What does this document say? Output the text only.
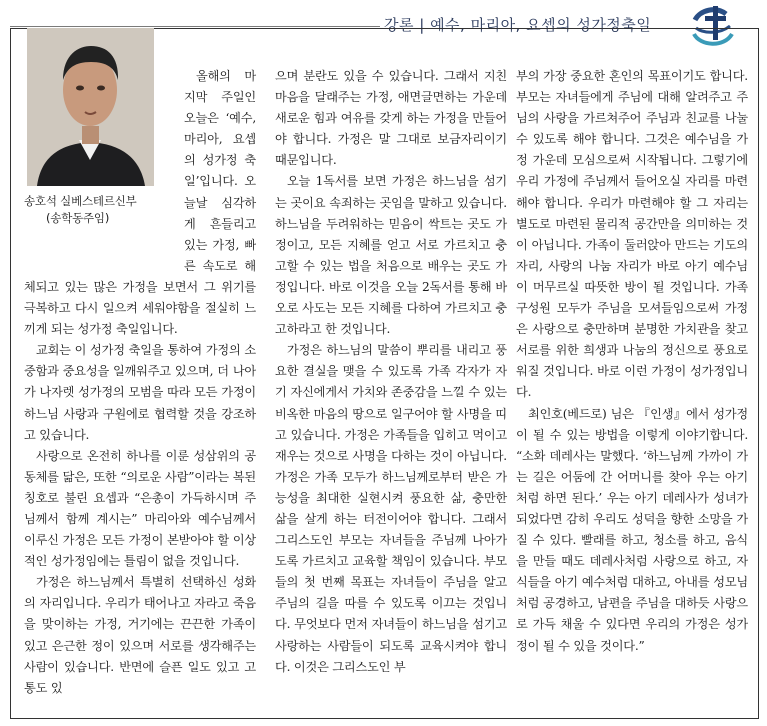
강론 | 예수, 마리아, 요셉의 성가정축일
송호석 실베스테르신부
(송학동주임)

올해의 마지막 주일인 오늘은 ‘예수, 마리아, 요셉의 성가정 축일’입니다. 오늘날 심각하게 흔들리고 있는 가정, 빠른 속도로 해체되고 있는 많은 가정을 보면서 그 위기를 극복하고 다시 일으켜 세워야함을 절실히 느끼게 되는 성가정 축일입니다.

교회는 이 성가정 축일을 통하여 가정의 소중함과 중요성을 일깨워주고 있으며, 더 나아가 나자렛 성가정의 모범을 따라 모든 가정이 하느님 사랑과 구원에로 협력할 것을 강조하고 있습니다.

사랑으로 온전히 하나를 이룬 성삼위의 공동체를 닮은, 또한 “의로운 사람”이라는 복된 칭호로 불린 요셉과 “은총이 가득하시며 주님께서 함께 계시는” 마리아와 예수님께서 이루신 가정은 모든 가정이 본받아야 할 이상적인 성가정임에는 틀림이 없을 것입니다.

가정은 하느님께서 특별히 선택하신 성화의 자리입니다. 우리가 태어나고 자라고 죽음을 맞이하는 가정, 거기에는 끈끈한 가족이 있고 은근한 정이 있으며 서로를 생각해주는 사람이 있습니다. 반면에 슬픈 일도 있고 고통도 있

으며 분란도 있을 수 있습니다. 그래서 지친 마음을 달래주는 가정, 애면글면하는 가운데 새로운 힘과 여유를 갖게 하는 가정을 만들어야 합니다. 가정은 말 그대로 보금자리이기 때문입니다.

오늘 1독서를 보면 가정은 하느님을 섬기는 곳이요 속죄하는 곳임을 말하고 있습니다. 하느님을 두려워하는 믿음이 싹트는 곳도 가정이고, 모든 지혜를 얻고 서로 가르치고 충고할 수 있는 법을 처음으로 배우는 곳도 가정입니다. 바로 이것을 오늘 2독서를 통해 바오로 사도는 모든 지혜를 다하여 가르치고 충고하라고 한 것입니다.

가정은 하느님의 말씀이 뿌리를 내리고 풍요한 결실을 맺을 수 있도록 가족 각자가 자기 자신에게서 가치와 존중감을 느낄 수 있는 비옥한 마음의 땅으로 일구어야 할 사명을 띠고 있습니다. 가정은 가족들을 입히고 먹이고 재우는 것으로 사명을 다하는 것이 아닙니다. 가정은 가족 모두가 하느님께로부터 받은 가능성을 최대한 실현시켜 풍요한 삶, 충만한 삶을 살게 하는 터전이어야 합니다. 그래서 그리스도인 부모는 자녀들을 주님께 나아가도록 가르치고 교육할 책임이 있습니다. 부모들의 첫 번째 목표는 자녀들이 주님을 알고 주님의 길을 따를 수 있도록 이끄는 것입니다. 무엇보다 먼저 자녀들이 하느님을 섬기고 사랑하는 사람들이 되도록 교육시켜야 합니다. 이것은 그리스도인 부

부의 가장 중요한 혼인의 목표이기도 합니다. 부모는 자녀들에게 주님에 대해 알려주고 주님의 사랑을 가르쳐주어 주님과 친교를 나눌 수 있도록 해야 합니다. 그것은 예수님을 가정 가운데 모심으로써 시작됩니다. 그렇기에 우리 가정에 주님께서 들어오실 자리를 마련해야 합니다. 우리가 마련해야 할 그 자리는 별도로 마련된 물리적 공간만을 의미하는 것이 아닙니다. 가족이 둘러앉아 만드는 기도의 자리, 사랑의 나눔 자리가 바로 아기 예수님이 머무르실 따뜻한 방이 될 것입니다. 가족 구성원 모두가 주님을 모셔들임으로써 가정은 사랑으로 충만하며 분명한 가치관을 찾고 서로를 위한 희생과 나눔의 정신으로 풍요로워질 것입니다. 바로 이런 가정이 성가정입니다.

최인호(베드로) 님은 『인생』에서 성가정이 될 수 있는 방법을 이렇게 이야기합니다. “소화 데레사는 말했다. ‘하느님께 가까이 가는 길은 어둠에 간 어머니를 찾아 우는 아기처럼 하면 된다.’ 우는 아기 데레사가 성녀가 되었다면 감히 우리도 성덕을 향한 소망을 가질 수 있다. 빨래를 하고, 청소를 하고, 음식을 만들 때도 데레사처럼 사랑으로 하고, 자식들을 아기 예수처럼 대하고, 아내를 성모님처럼 공경하고, 남편을 주님을 대하듯 사랑으로 가득 채울 수 있다면 우리의 가정은 성가정이 될 수 있을 것이다.”
